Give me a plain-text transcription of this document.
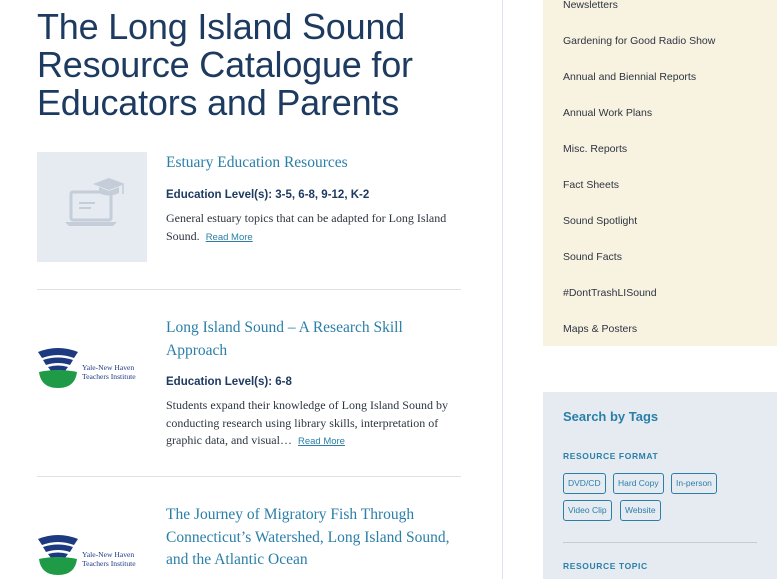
The Long Island Sound Resource Catalogue for Educators and Parents
Estuary Education Resources
Education Level(s): 3-5, 6-8, 9-12, K-2
General estuary topics that can be adapted for Long Island Sound. Read More
Yale-New Haven
Teachers Institute
Long Island Sound – A Research Skill Approach
Education Level(s): 6-8
Students expand their knowledge of Long Island Sound by conducting research using library skills, interpretation of graphic data, and visual… Read More
Yale-New Haven
Teachers Institute
The Journey of Migratory Fish Through Connecticut’s Watershed, Long Island Sound, and the Atlantic Ocean
Newsletters
Gardening for Good Radio Show
Annual and Biennial Reports
Annual Work Plans
Misc. Reports
Fact Sheets
Sound Spotlight
Sound Facts
#DontTrashLISound
Maps & Posters
Search by Tags
RESOURCE FORMAT
DVD/CD	Hard Copy	In-person
Video Clip	Website
RESOURCE TOPIC
